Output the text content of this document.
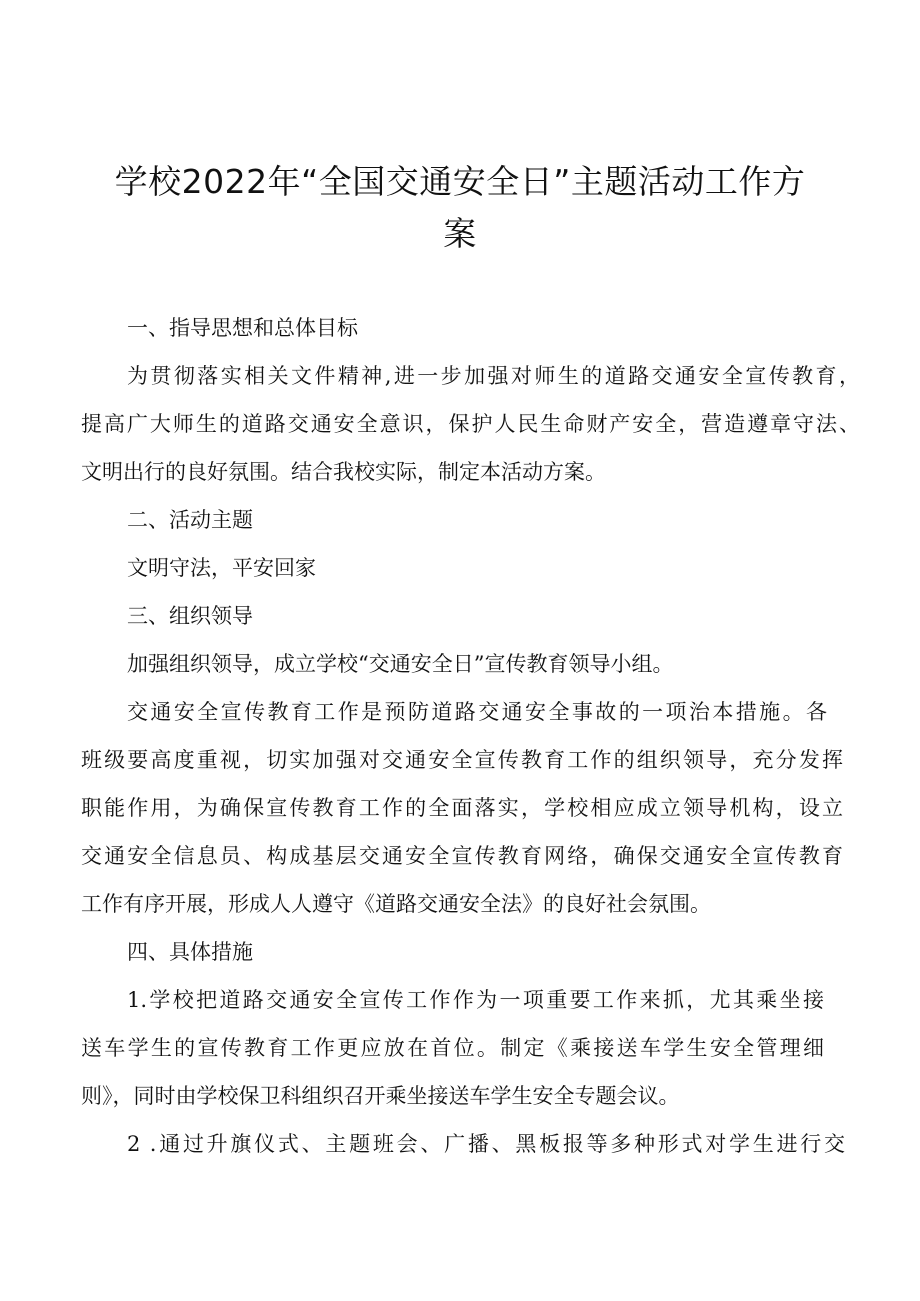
学校2022年“全国交通安全日”主题活动工作方
案
一、指导思想和总体目标
为贯彻落实相关文件精神,进一步加强对师生的道路交通安全宣传教育，
提高广大师生的道路交通安全意识，保护人民生命财产安全，营造遵章守法、
文明出行的良好氛围。结合我校实际，制定本活动方案。
二、活动主题
文明守法，平安回家
三、组织领导
加强组织领导，成立学校“交通安全日”宣传教育领导小组。
交通安全宣传教育工作是预防道路交通安全事故的一项治本措施。各
班级要高度重视，切实加强对交通安全宣传教育工作的组织领导，充分发挥
职能作用，为确保宣传教育工作的全面落实，学校相应成立领导机构，设立
交通安全信息员、构成基层交通安全宣传教育网络，确保交通安全宣传教育
工作有序开展，形成人人遵守《道路交通安全法》的良好社会氛围。
四、具体措施
1.学校把道路交通安全宣传工作作为一项重要工作来抓，尤其乘坐接
送车学生的宣传教育工作更应放在首位。制定《乘接送车学生安全管理细
则》，同时由学校保卫科组织召开乘坐接送车学生安全专题会议。
2 .通过升旗仪式、主题班会、广播、黑板报等多种形式对学生进行交
